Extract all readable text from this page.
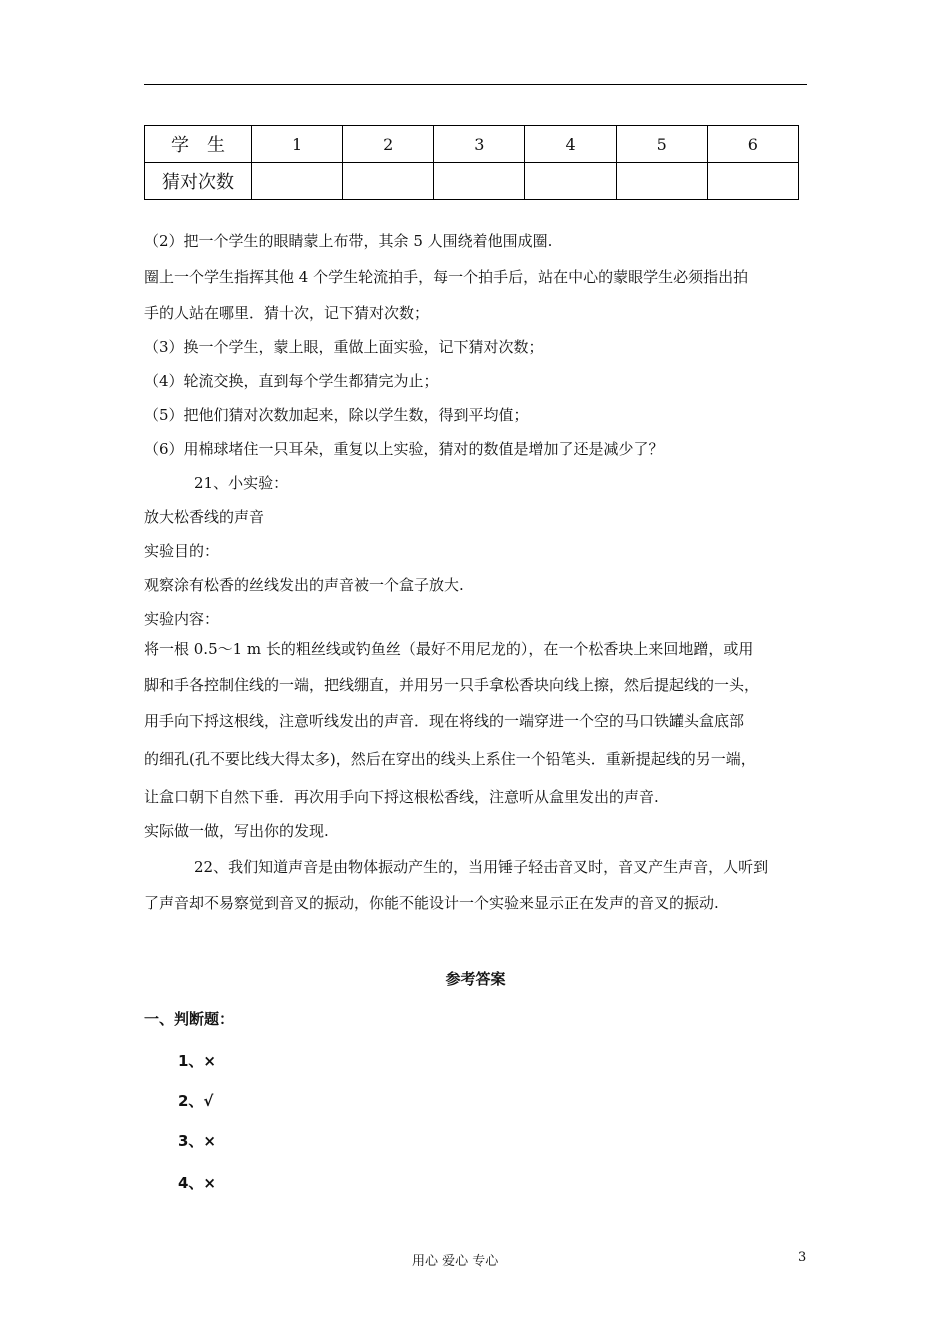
学　生	1	2	3	4	5	6
猜对次数						
（2）把一个学生的眼睛蒙上布带，其余 5 人围绕着他围成圈.
圈上一个学生指挥其他 4 个学生轮流拍手，每一个拍手后，站在中心的蒙眼学生必须指出拍
手的人站在哪里．猜十次，记下猜对次数；
（3）换一个学生，蒙上眼，重做上面实验，记下猜对次数；
（4）轮流交换，直到每个学生都猜完为止；
（5）把他们猜对次数加起来，除以学生数，得到平均值；
（6）用棉球堵住一只耳朵，重复以上实验，猜对的数值是增加了还是减少了？
21、小实验：
放大松香线的声音
实验目的：
观察涂有松香的丝线发出的声音被一个盒子放大.
实验内容：
将一根 0.5～1 m 长的粗丝线或钓鱼丝（最好不用尼龙的），在一个松香块上来回地蹭，或用
脚和手各控制住线的一端，把线绷直，并用另一只手拿松香块向线上擦，然后提起线的一头，
用手向下捋这根线，注意听线发出的声音．现在将线的一端穿进一个空的马口铁罐头盒底部
的细孔(孔不要比线大得太多)，然后在穿出的线头上系住一个铅笔头．重新提起线的另一端，
让盒口朝下自然下垂．再次用手向下捋这根松香线，注意听从盒里发出的声音.
实际做一做，写出你的发现.
22、我们知道声音是由物体振动产生的，当用锤子轻击音叉时，音叉产生声音，人听到
了声音却不易察觉到音叉的振动，你能不能设计一个实验来显示正在发声的音叉的振动.
参考答案
一、判断题：
1、×
2、√
3、×
4、×
用心 爱心 专心	3
